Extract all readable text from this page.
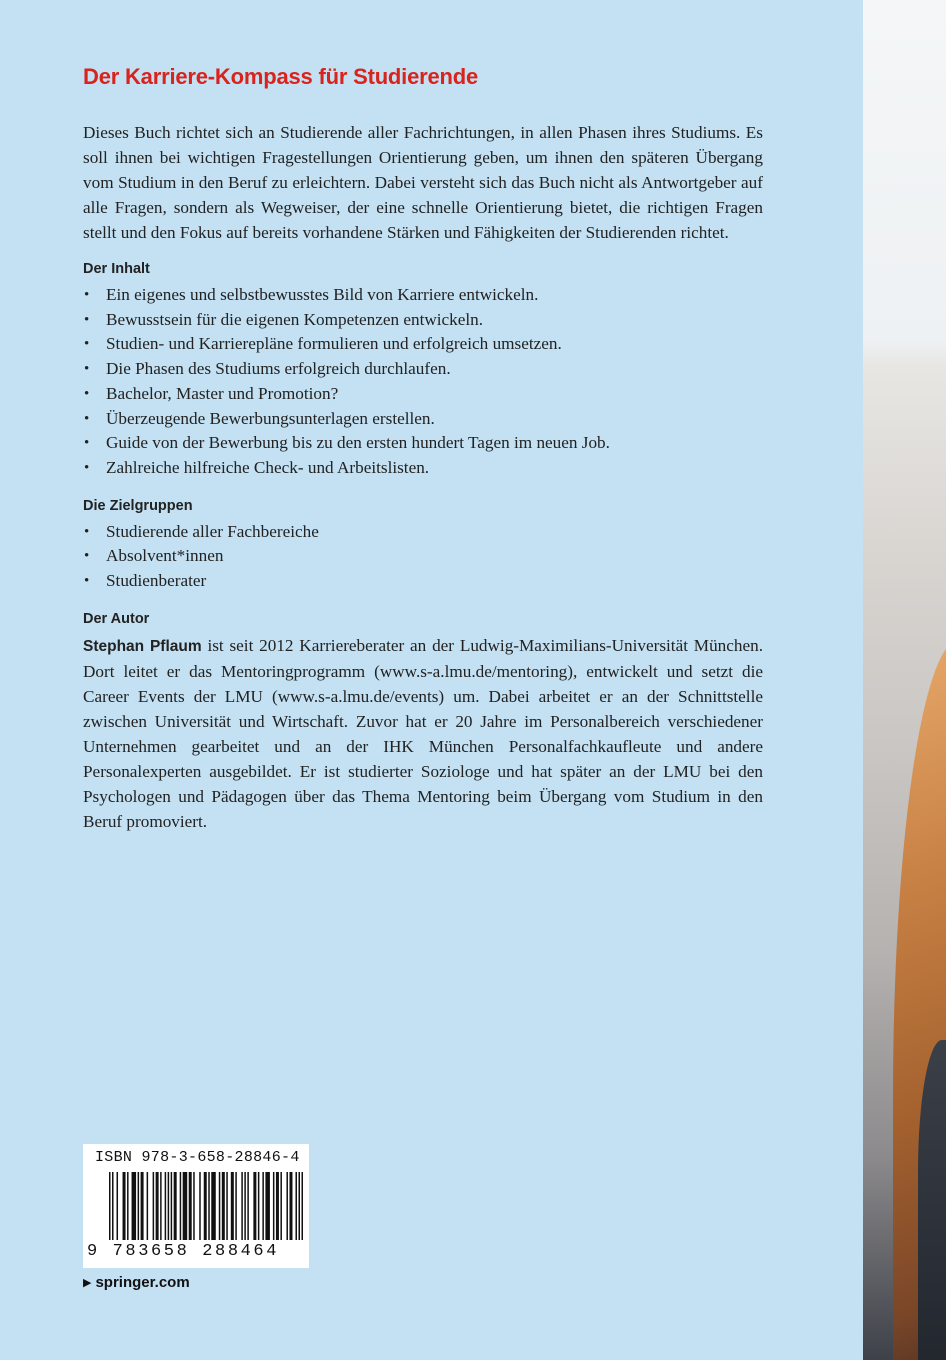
Der Karriere-Kompass für Studierende

Dieses Buch richtet sich an Studierende aller Fachrichtungen, in allen Phasen ihres Studiums. Es soll ihnen bei wichtigen Fragestellungen Orientierung geben, um ihnen den späteren Übergang vom Studium in den Beruf zu erleichtern. Dabei versteht sich das Buch nicht als Antwortgeber auf alle Fragen, sondern als Wegweiser, der eine schnelle Orientierung bietet, die richtigen Fragen stellt und den Fokus auf bereits vorhandene Stärken und Fähigkeiten der Studierenden richtet.

Der Inhalt
• Ein eigenes und selbstbewusstes Bild von Karriere entwickeln.
• Bewusstsein für die eigenen Kompetenzen entwickeln.
• Studien- und Karrierepläne formulieren und erfolgreich umsetzen.
• Die Phasen des Studiums erfolgreich durchlaufen.
• Bachelor, Master und Promotion?
• Überzeugende Bewerbungsunterlagen erstellen.
• Guide von der Bewerbung bis zu den ersten hundert Tagen im neuen Job.
• Zahlreiche hilfreiche Check- und Arbeitslisten.
Die Zielgruppen
• Studierende aller Fachbereiche
• Absolvent*innen
• Studienberater
Der Autor

Stephan Pflaum ist seit 2012 Karriereberater an der Ludwig-Maximilians-Universität München. Dort leitet er das Mentoringprogramm (www.s-a.lmu.de/mentoring), entwickelt und setzt die Career Events der LMU (www.s-a.lmu.de/events) um. Dabei arbeitet er an der Schnittstelle zwischen Universität und Wirtschaft. Zuvor hat er 20 Jahre im Personalbereich verschiedener Unternehmen gearbeitet und an der IHK München Personalfachkaufleute und andere Personalexperten ausgebildet. Er ist studierter Soziologe und hat später an der LMU bei den Psychologen und Pädagogen über das Thema Mentoring beim Übergang vom Studium in den Beruf promoviert.

ISBN 978-3-658-28846-4
9 783658 288464
▶ springer.com
